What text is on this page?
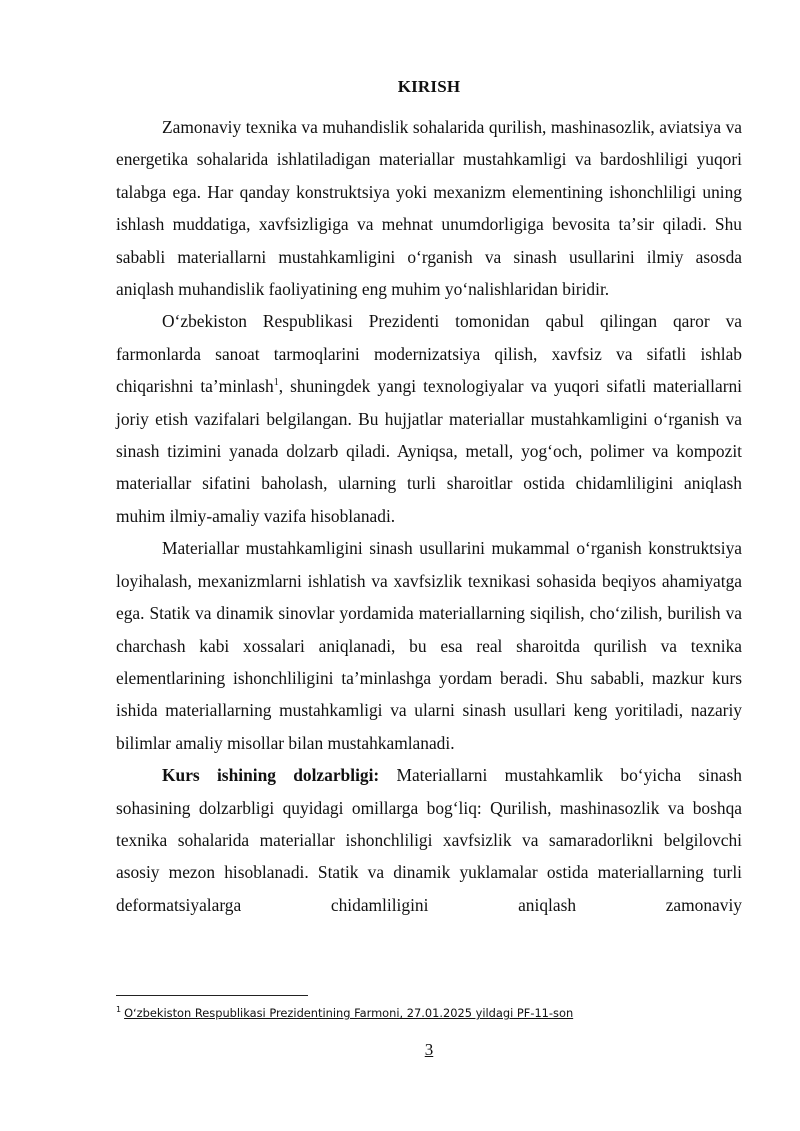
KIRISH

Zamonaviy texnika va muhandislik sohalarida qurilish, mashinasozlik, aviatsiya va energetika sohalarida ishlatiladigan materiallar mustahkamligi va bardoshliligi yuqori talabga ega. Har qanday konstruktsiya yoki mexanizm elementining ishonchliligi uning ishlash muddatiga, xavfsizligiga va mehnat unumdorligiga bevosita taʼsir qiladi. Shu sababli materiallarni mustahkamligini oʻrganish va sinash usullarini ilmiy asosda aniqlash muhandislik faoliyatining eng muhim yoʻnalishlaridan biridir.

Oʻzbekiston Respublikasi Prezidenti tomonidan qabul qilingan qaror va farmonlarda sanoat tarmoqlarini modernizatsiya qilish, xavfsiz va sifatli ishlab chiqarishni taʼminlash$^1$, shuningdek yangi texnologiyalar va yuqori sifatli materiallarni joriy etish vazifalari belgilangan. Bu hujjatlar materiallar mustahkamligini oʻrganish va sinash tizimini yanada dolzarb qiladi. Ayniqsa, metall, yogʻoch, polimer va kompozit materiallar sifatini baholash, ularning turli sharoitlar ostida chidamliligini aniqlash muhim ilmiy-amaliy vazifa hisoblanadi.

Materiallar mustahkamligini sinash usullarini mukammal oʻrganish konstruktsiya loyihalash, mexanizmlarni ishlatish va xavfsizlik texnikasi sohasida beqiyos ahamiyatga ega. Statik va dinamik sinovlar yordamida materiallarning siqilish, choʻzilish, burilish va charchash kabi xossalari aniqlanadi, bu esa real sharoitda qurilish va texnika elementlarining ishonchliligini taʼminlashga yordam beradi. Shu sababli, mazkur kurs ishida materiallarning mustahkamligi va ularni sinash usullari keng yoritiladi, nazariy bilimlar amaliy misollar bilan mustahkamlanadi.

Kurs ishining dolzarbligi: Materiallarni mustahkamlik boʻyicha sinash sohasining dolzarbligi quyidagi omillarga bogʻliq: Qurilish, mashinasozlik va boshqa texnika sohalarida materiallar ishonchliligi xavfsizlik va samaradorlikni belgilovchi asosiy mezon hisoblanadi. Statik va dinamik yuklamalar ostida materiallarning turli deformatsiyalarga chidamliligini aniqlash zamonaviy

$^1$ Oʻzbekiston Respublikasi Prezidentining Farmoni, 27.01.2025 yildagi PF-11-son
3
